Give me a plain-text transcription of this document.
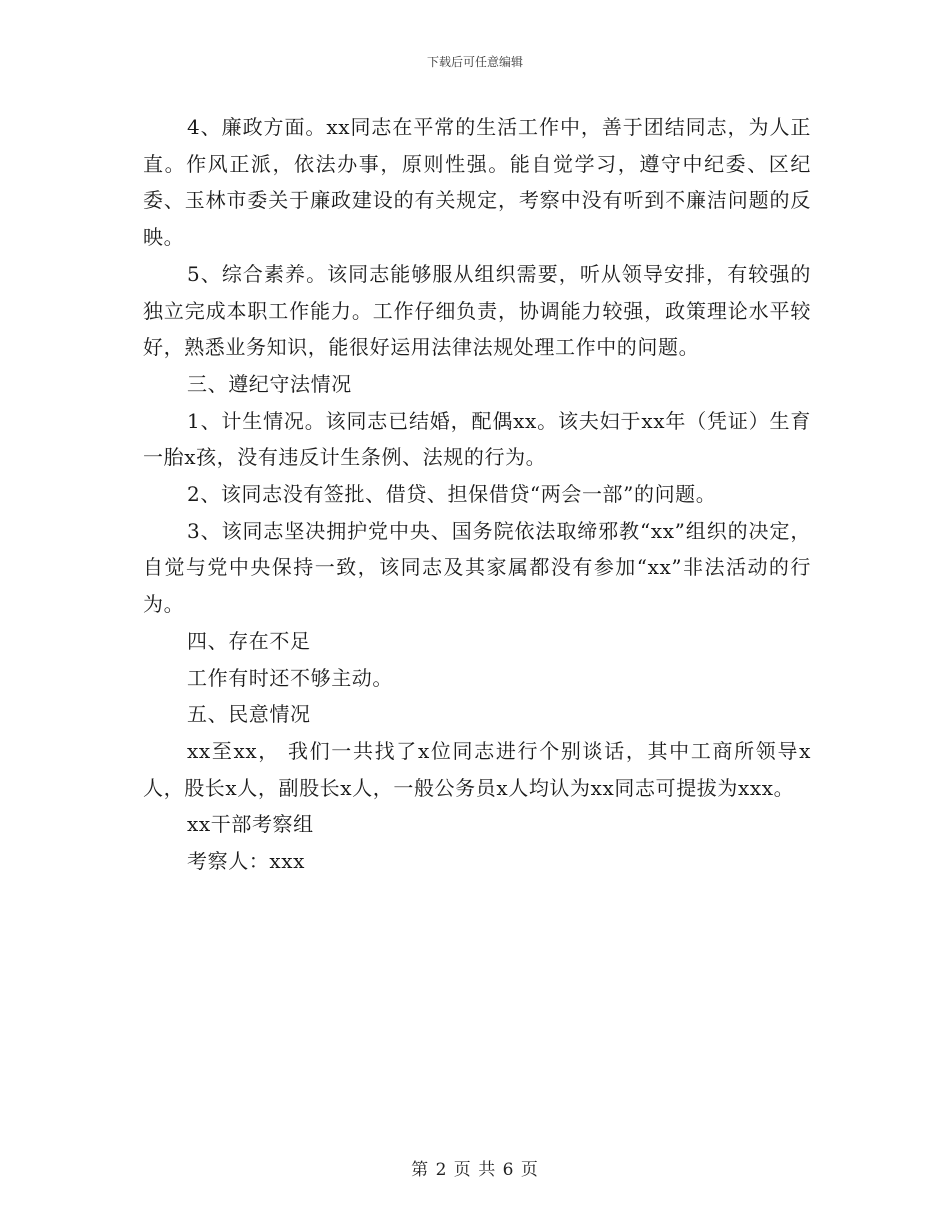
下载后可任意编辑

4、廉政方面。xx同志在平常的生活工作中，善于团结同志，为人正直。作风正派，依法办事，原则性强。能自觉学习，遵守中纪委、区纪委、玉林市委关于廉政建设的有关规定，考察中没有听到不廉洁问题的反映。

5、综合素养。该同志能够服从组织需要，听从领导安排，有较强的独立完成本职工作能力。工作仔细负责，协调能力较强，政策理论水平较好，熟悉业务知识，能很好运用法律法规处理工作中的问题。

三、遵纪守法情况

1、计生情况。该同志已结婚，配偶xx。该夫妇于xx年（凭证）生育一胎x孩，没有违反计生条例、法规的行为。

2、该同志没有签批、借贷、担保借贷“两会一部”的问题。

3、该同志坚决拥护党中央、国务院依法取缔邪教“xx”组织的决定，自觉与党中央保持一致，该同志及其家属都没有参加“xx”非法活动的行为。

四、存在不足

工作有时还不够主动。

五、民意情况

xx至xx， 我们一共找了x位同志进行个别谈话，其中工商所领导x人，股长x人，副股长x人，一般公务员x人均认为xx同志可提拔为xxx。

xx干部考察组

考察人：xxx

第 2 页 共 6 页
